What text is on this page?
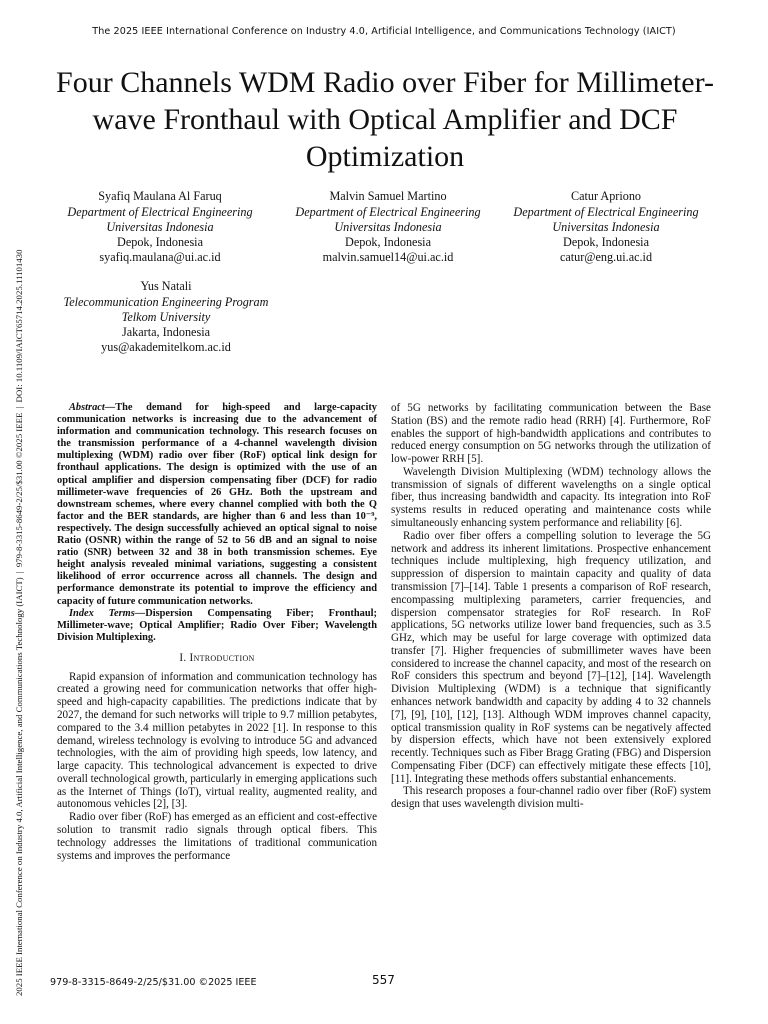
The 2025 IEEE International Conference on Industry 4.0, Artificial Intelligence, and Communications Technology (IAICT)
2025 IEEE International Conference on Industry 4.0, Artificial Intelligence, and Communications Technology (IAICT) | 979-8-3315-8649-2/25/$31.00 ©2025 IEEE | DOI: 10.1109/IAICT65714.2025.11101430
Four Channels WDM Radio over Fiber for Millimeter-wave Fronthaul with Optical Amplifier and DCF Optimization
Syafiq Maulana Al Faruq
Department of Electrical Engineering
Universitas Indonesia
Depok, Indonesia
syafiq.maulana@ui.ac.id
Malvin Samuel Martino
Department of Electrical Engineering
Universitas Indonesia
Depok, Indonesia
malvin.samuel14@ui.ac.id
Catur Apriono
Department of Electrical Engineering
Universitas Indonesia
Depok, Indonesia
catur@eng.ui.ac.id
Yus Natali
Telecommunication Engineering Program
Telkom University
Jakarta, Indonesia
yus@akademitelkom.ac.id

Abstract—The demand for high-speed and large-capacity communication networks is increasing due to the advancement of information and communication technology. This research focuses on the transmission performance of a 4-channel wavelength division multiplexing (WDM) radio over fiber (RoF) optical link design for fronthaul applications. The design is optimized with the use of an optical amplifier and dispersion compensating fiber (DCF) for radio millimeter-wave frequencies of 26 GHz. Both the upstream and downstream schemes, where every channel complied with both the Q factor and the BER standards, are higher than 6 and less than 10⁻⁹, respectively. The design successfully achieved an optical signal to noise Ratio (OSNR) within the range of 52 to 56 dB and an signal to noise ratio (SNR) between 32 and 38 in both transmission schemes. Eye height analysis revealed minimal variations, suggesting a consistent likelihood of error occurrence across all channels. The design and performance demonstrate its potential to improve the efficiency and capacity of future communication networks.

Index Terms—Dispersion Compensating Fiber; Fronthaul; Millimeter-wave; Optical Amplifier; Radio Over Fiber; Wavelength Division Multiplexing.

I. Introduction

Rapid expansion of information and communication technology has created a growing need for communication networks that offer high-speed and high-capacity capabilities. The predictions indicate that by 2027, the demand for such networks will triple to 9.7 million petabytes, compared to the 3.4 million petabytes in 2022 [1]. In response to this demand, wireless technology is evolving to introduce 5G and advanced technologies, with the aim of providing high speeds, low latency, and large capacity. This technological advancement is expected to drive overall technological growth, particularly in emerging applications such as the Internet of Things (IoT), virtual reality, augmented reality, and autonomous vehicles [2], [3].

Radio over fiber (RoF) has emerged as an efficient and cost-effective solution to transmit radio signals through optical fibers. This technology addresses the limitations of traditional communication systems and improves the performance

of 5G networks by facilitating communication between the Base Station (BS) and the remote radio head (RRH) [4]. Furthermore, RoF enables the support of high-bandwidth applications and contributes to reduced energy consumption on 5G networks through the utilization of low-power RRH [5].

Wavelength Division Multiplexing (WDM) technology allows the transmission of signals of different wavelengths on a single optical fiber, thus increasing bandwidth and capacity. Its integration into RoF systems results in reduced operating and maintenance costs while simultaneously enhancing system performance and reliability [6].

Radio over fiber offers a compelling solution to leverage the 5G network and address its inherent limitations. Prospective enhancement techniques include multiplexing, high frequency utilization, and suppression of dispersion to maintain capacity and quality of data transmission [7]–[14]. Table 1 presents a comparison of RoF research, encompassing multiplexing parameters, carrier frequencies, and dispersion compensator strategies for RoF research. In RoF applications, 5G networks utilize lower band frequencies, such as 3.5 GHz, which may be useful for large coverage with optimized data transfer [7]. Higher frequencies of submillimeter waves have been considered to increase the channel capacity, and most of the research on RoF considers this spectrum and beyond [7]–[12], [14]. Wavelength Division Multiplexing (WDM) is a technique that significantly enhances network bandwidth and capacity by adding 4 to 32 channels [7], [9], [10], [12], [13]. Although WDM improves channel capacity, optical transmission quality in RoF systems can be negatively affected by dispersion effects, which have not been extensively explored recently. Techniques such as Fiber Bragg Grating (FBG) and Dispersion Compensating Fiber (DCF) can effectively mitigate these effects [10], [11]. Integrating these methods offers substantial enhancements.

This research proposes a four-channel radio over fiber (RoF) system design that uses wavelength division multi-

979-8-3315-8649-2/25/$31.00 ©2025 IEEE	557
